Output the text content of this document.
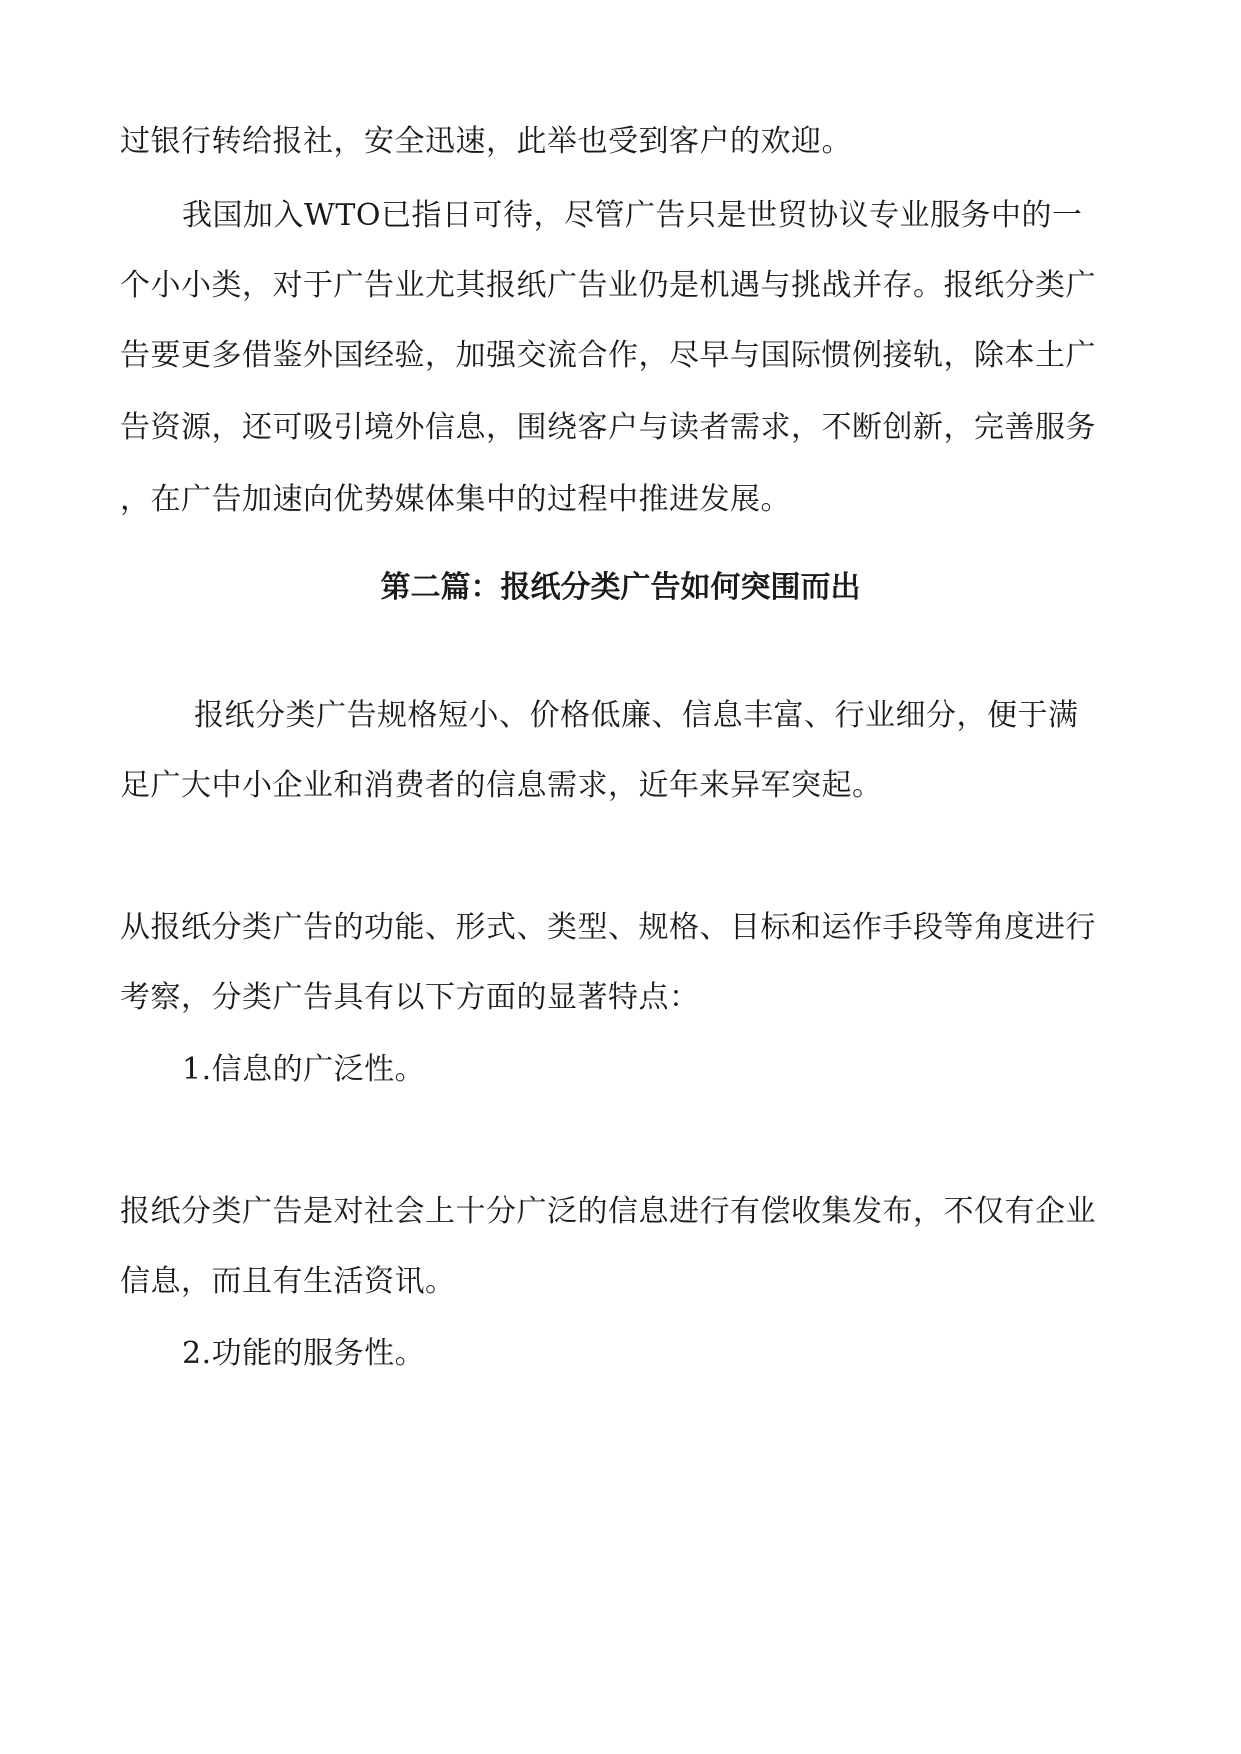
过银行转给报社，安全迅速，此举也受到客户的欢迎。
我国加入WTO已指日可待，尽管广告只是世贸协议专业服务中的一
个小小类，对于广告业尤其报纸广告业仍是机遇与挑战并存。报纸分类广
告要更多借鉴外国经验，加强交流合作，尽早与国际惯例接轨，除本土广
告资源，还可吸引境外信息，围绕客户与读者需求，不断创新，完善服务
，在广告加速向优势媒体集中的过程中推进发展。
第二篇：报纸分类广告如何突围而出
报纸分类广告规格短小、价格低廉、信息丰富、行业细分，便于满
足广大中小企业和消费者的信息需求，近年来异军突起。
从报纸分类广告的功能、形式、类型、规格、目标和运作手段等角度进行
考察，分类广告具有以下方面的显著特点：
1.信息的广泛性。
报纸分类广告是对社会上十分广泛的信息进行有偿收集发布，不仅有企业
信息，而且有生活资讯。
2.功能的服务性。
